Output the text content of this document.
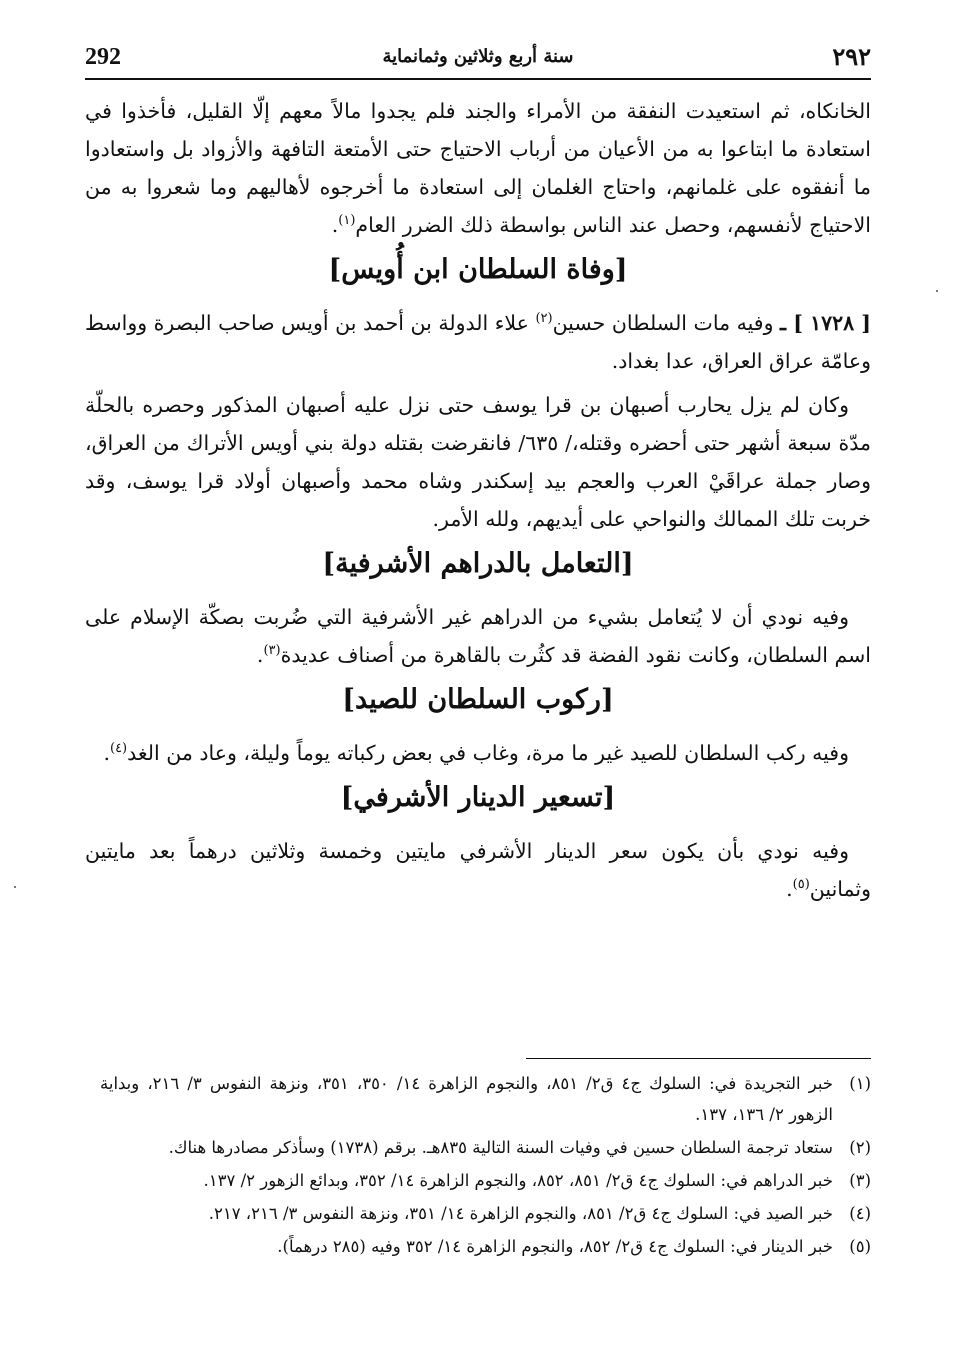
292	سنة أربع وثلاثين وثمانماية	٢٩٢

الخانكاه، ثم استعيدت النفقة من الأمراء والجند فلم يجدوا مالاً معهم إلّا القليل، فأخذوا في استعادة ما ابتاعوا به من الأعيان من أرباب الاحتياج حتى الأمتعة التافهة والأزواد بل واستعادوا ما أنفقوه على غلمانهم، واحتاج الغلمان إلى استعادة ما أخرجوه لأهاليهم وما شعروا به من الاحتياج لأنفسهم، وحصل عند الناس بواسطة ذلك الضرر العام$^{(١)}$.

[وفاة السلطان ابن أُويس]

[ ١٧٢٨ ] ـ وفيه مات السلطان حسين$^{(٢)}$ علاء الدولة بن أحمد بن أويس صاحب البصرة وواسط وعامّة عراق العراق، عدا بغداد.

وكان لم يزل يحارب أصبهان بن قرا يوسف حتى نزل عليه أصبهان المذكور وحصره بالحلّة مدّة سبعة أشهر حتى أحضره وقتله،/ ٦٣٥/ فانقرضت بقتله دولة بني أويس الأتراك من العراق، وصار جملة عراقَيْ العرب والعجم بيد إسكندر وشاه محمد وأصبهان أولاد قرا يوسف، وقد خربت تلك الممالك والنواحي على أيديهم، ولله الأمر.

[التعامل بالدراهم الأشرفية]

وفيه نودي أن لا يُتعامل بشيء من الدراهم غير الأشرفية التي ضُربت بصكّة الإسلام على اسم السلطان، وكانت نقود الفضة قد كثُرت بالقاهرة من أصناف عديدة$^{(٣)}$.

[ركوب السلطان للصيد]

وفيه ركب السلطان للصيد غير ما مرة، وغاب في بعض ركباته يوماً وليلة، وعاد من الغد$^{(٤)}$.

[تسعير الدينار الأشرفي]

وفيه نودي بأن يكون سعر الدينار الأشرفي مايتين وخمسة وثلاثين درهماً بعد مايتين وثمانين$^{(٥)}$.

(١)
خبر التجريدة في: السلوك ج٤ ق٢/ ٨٥١، والنجوم الزاهرة ١٤/ ٣٥٠، ٣٥١، ونزهة النفوس ٣/ ٢١٦، وبداية الزهور ٢/ ١٣٦، ١٣٧.
(٢)
ستعاد ترجمة السلطان حسين في وفيات السنة التالية ٨٣٥هـ. برقم (١٧٣٨) وسأذكر مصادرها هناك.
(٣)
خبر الدراهم في: السلوك ج٤ ق٢/ ٨٥١، ٨٥٢، والنجوم الزاهرة ١٤/ ٣٥٢، وبدائع الزهور ٢/ ١٣٧.
(٤)
خبر الصيد في: السلوك ج٤ ق٢/ ٨٥١، والنجوم الزاهرة ١٤/ ٣٥١، ونزهة النفوس ٣/ ٢١٦، ٢١٧.
(٥)
خبر الدينار في: السلوك ج٤ ق٢/ ٨٥٢، والنجوم الزاهرة ١٤/ ٣٥٢ وفيه (٢٨٥ درهماً).
